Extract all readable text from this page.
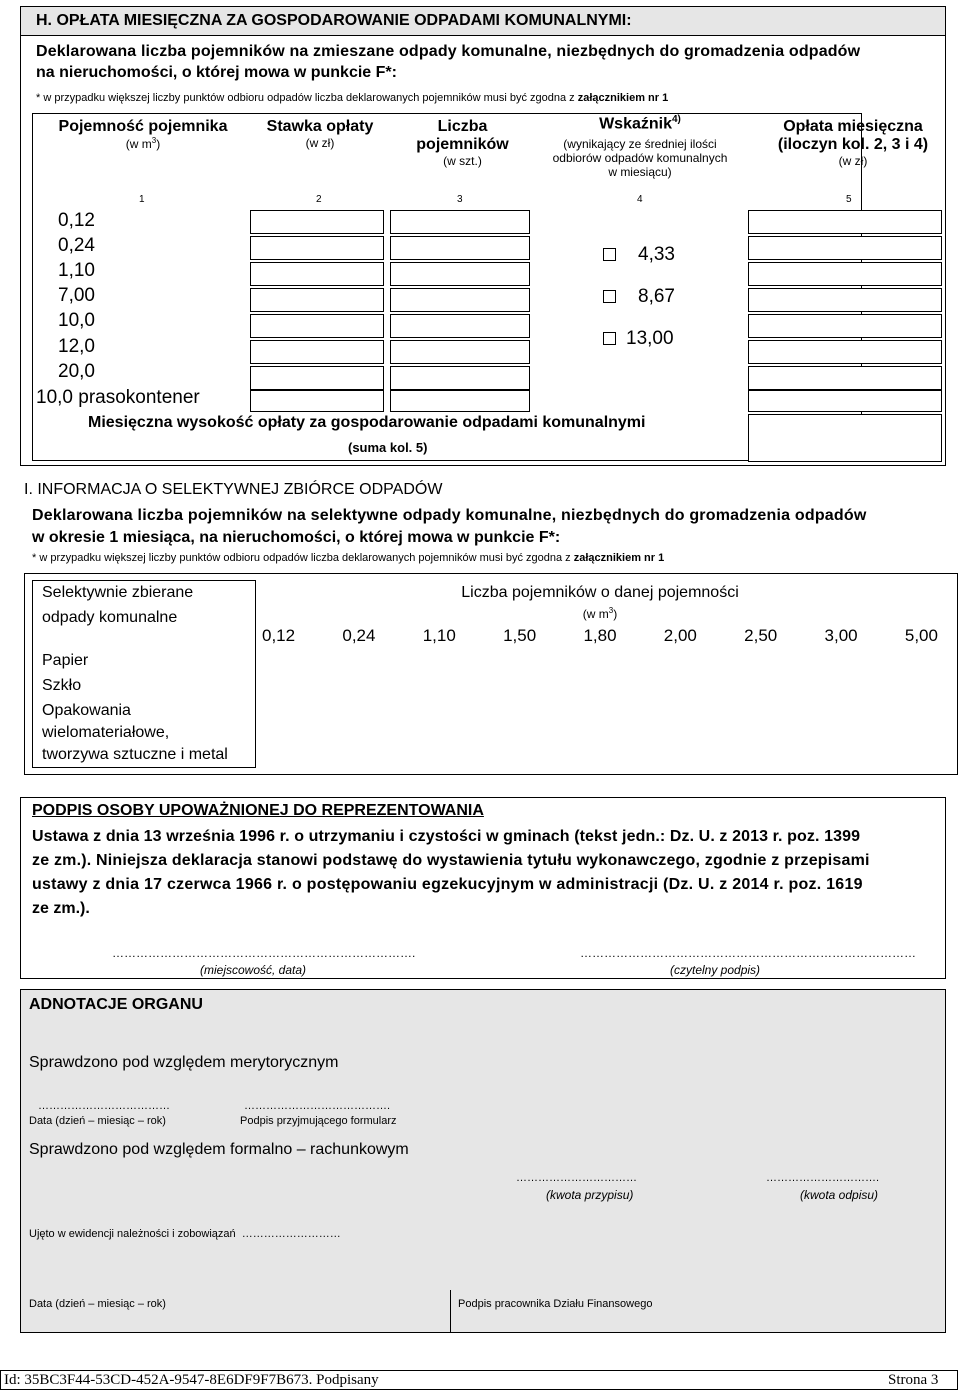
H. OPŁATA MIESIĘCZNA ZA GOSPODAROWANIE ODPADAMI KOMUNALNYMI:
Deklarowana liczba pojemników na zmieszane odpady komunalne, niezbędnych do gromadzenia odpadów
na nieruchomości, o której mowa w punkcie F*:
* w przypadku większej liczby punktów odbioru odpadów liczba deklarowanych pojemników musi być zgodna z załącznikiem nr 1
Pojemność pojemnika
(w $m^3$)
Stawka opłaty
(w zł)
Liczba
pojemników
(w szt.)
Wskaźnik$^{4)}$
(wynikający ze średniej ilości
odbiorów odpadów komunalnych
w miesiącu)
Opłata miesięczna
(iloczyn kol. 2, 3 i 4)
(w zł)
1	2	3	4	5
0,12
0,24
1,10
7,00
10,0
12,0
20,0
10,0 prasokontener
4,33
8,67
13,00
Miesięczna wysokość opłaty za gospodarowanie odpadami komunalnymi
(suma kol. 5)
I. INFORMACJA O SELEKTYWNEJ ZBIÓRCE ODPADÓW
Deklarowana liczba pojemników na selektywne odpady komunalne, niezbędnych do gromadzenia odpadów
w okresie 1 miesiąca, na nieruchomości, o której mowa w punkcie F*:
* w przypadku większej liczby punktów odbioru odpadów liczba deklarowanych pojemników musi być zgodna z załącznikiem nr 1
Selektywnie zbierane
odpady komunalne
Papier
Szkło
Opakowania
wielomateriałowe,
tworzywa sztuczne i metal
Liczba pojemników o danej pojemności
(w $m^3$)
0,12	0,24	1,10	1,50	1,80	2,00	2,50	3,00	5,00
PODPIS OSOBY UPOWAŻNIONEJ DO REPREZENTOWANIA
Ustawa z dnia 13 września 1996 r. o utrzymaniu i czystości w gminach (tekst jedn.: Dz. U. z 2013 r. poz. 1399
ze zm.). Niniejsza deklaracja stanowi podstawę do wystawienia tytułu wykonawczego, zgodnie z przepisami
ustawy z dnia 17 czerwca 1966 r. o postępowaniu egzekucyjnym w administracji (Dz. U. z 2014 r. poz. 1619
ze zm.).
………………………………………………………………….	…………………………………………………………………………
(miejscowość, data)	(czytelny podpis)
ADNOTACJE ORGANU
Sprawdzono pod względem merytorycznym
………………………………	………………………………….
Data (dzień – miesiąc – rok)	Podpis przyjmującego formularz
Sprawdzono pod względem formalno – rachunkowym
……………………………	………………………….
(kwota przypisu)	(kwota odpisu)
Ujęto w ewidencji należności i zobowiązań ………………………
Data (dzień – miesiąc – rok)	Podpis pracownika Działu Finansowego
Id: 35BC3F44-53CD-452A-9547-8E6DF9F7B673. Podpisany	Strona 3
